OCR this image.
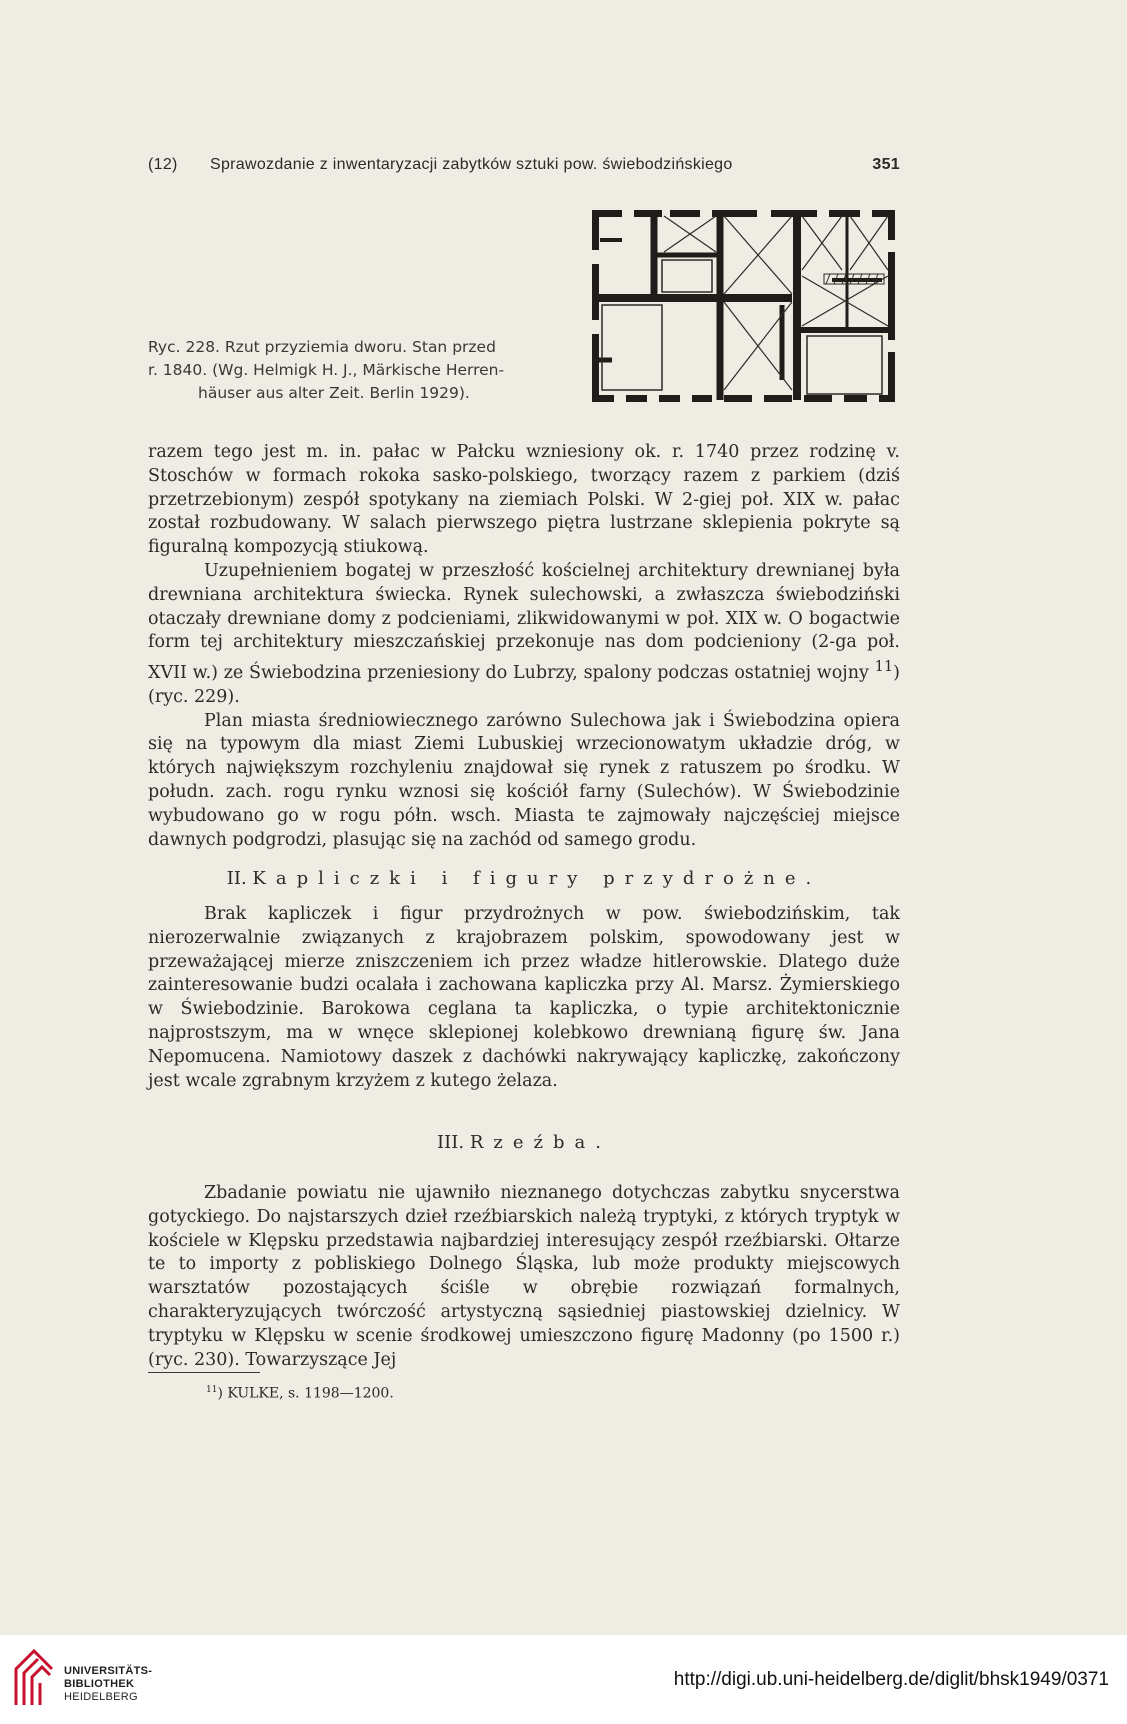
(12) Sprawozdanie z inwentaryzacji zabytków sztuki pow. świebodzińskiego	351
Ryc. 228. Rzut przyziemia dworu. Stan przed
r. 1840. (Wg. Helmigk H. J., Märkische Herren-
häuser aus alter Zeit. Berlin 1929).

razem tego jest m. in. pałac w Pałcku wzniesiony ok. r. 1740 przez rodzinę v. Stoschów w formach rokoka sasko-polskiego, tworzący razem z parkiem (dziś przetrzebionym) zespół spotykany na ziemiach Polski. W 2-giej poł. XIX w. pałac został rozbudowany. W salach pierwszego piętra lustrzane sklepienia pokryte są figuralną kompozycją stiukową.

Uzupełnieniem bogatej w przeszłość kościelnej architektury drewnianej była drewniana architektura świecka. Rynek sulechowski, a zwłaszcza świebodziński otaczały drewniane domy z podcieniami, zlikwidowanymi w poł. XIX w. O bogactwie form tej architektury mieszczańskiej przekonuje nas dom podcieniony (2-ga poł. XVII w.) ze Świebodzina przeniesiony do Lubrzy, spalony podczas ostatniej wojny $^{11}$) (ryc. 229).

Plan miasta średniowiecznego zarówno Sulechowa jak i Świebodzina opiera się na typowym dla miast Ziemi Lubuskiej wrzecionowatym układzie dróg, w których największym rozchyleniu znajdował się rynek z ratuszem po środku. W połudn. zach. rogu rynku wznosi się kościół farny (Sulechów). W Świebodzinie wybudowano go w rogu półn. wsch. Miasta te zajmowały najczęściej miejsce dawnych podgrodzi, plasując się na zachód od samego grodu.

II. Kapliczki i figury przydrożne.

Brak kapliczek i figur przydrożnych w pow. świebodzińskim, tak nierozerwalnie związanych z krajobrazem polskim, spowodowany jest w przeważającej mierze zniszczeniem ich przez władze hitlerowskie. Dlatego duże zainteresowanie budzi ocalała i zachowana kapliczka przy Al. Marsz. Żymierskiego w Świebodzinie. Barokowa ceglana ta kapliczka, o typie architektonicznie najprostszym, ma w wnęce sklepionej kolebkowo drewnianą figurę św. Jana Nepomucena. Namiotowy daszek z dachówki nakrywający kapliczkę, zakończony jest wcale zgrabnym krzyżem z kutego żelaza.

III. Rzeźba.

Zbadanie powiatu nie ujawniło nieznanego dotychczas zabytku snycerstwa gotyckiego. Do najstarszych dzieł rzeźbiarskich należą tryptyki, z których tryptyk w kościele w Klępsku przedstawia najbardziej interesujący zespół rzeźbiarski. Ołtarze te to importy z pobliskiego Dolnego Śląska, lub może produkty miejscowych warsztatów pozostających ściśle w obrębie rozwiązań formalnych, charakteryzujących twórczość artystyczną sąsiedniej piastowskiej dzielnicy. W tryptyku w Klępsku w scenie środkowej umieszczono figurę Madonny (po 1500 r.) (ryc. 230). Towarzyszące Jej

$^{11}$) KULKE, s. 1198—1200.
UNIVERSITÄTS-
BIBLIOTHEK
HEIDELBERG
http://digi.ub.uni-heidelberg.de/diglit/bhsk1949/0371
